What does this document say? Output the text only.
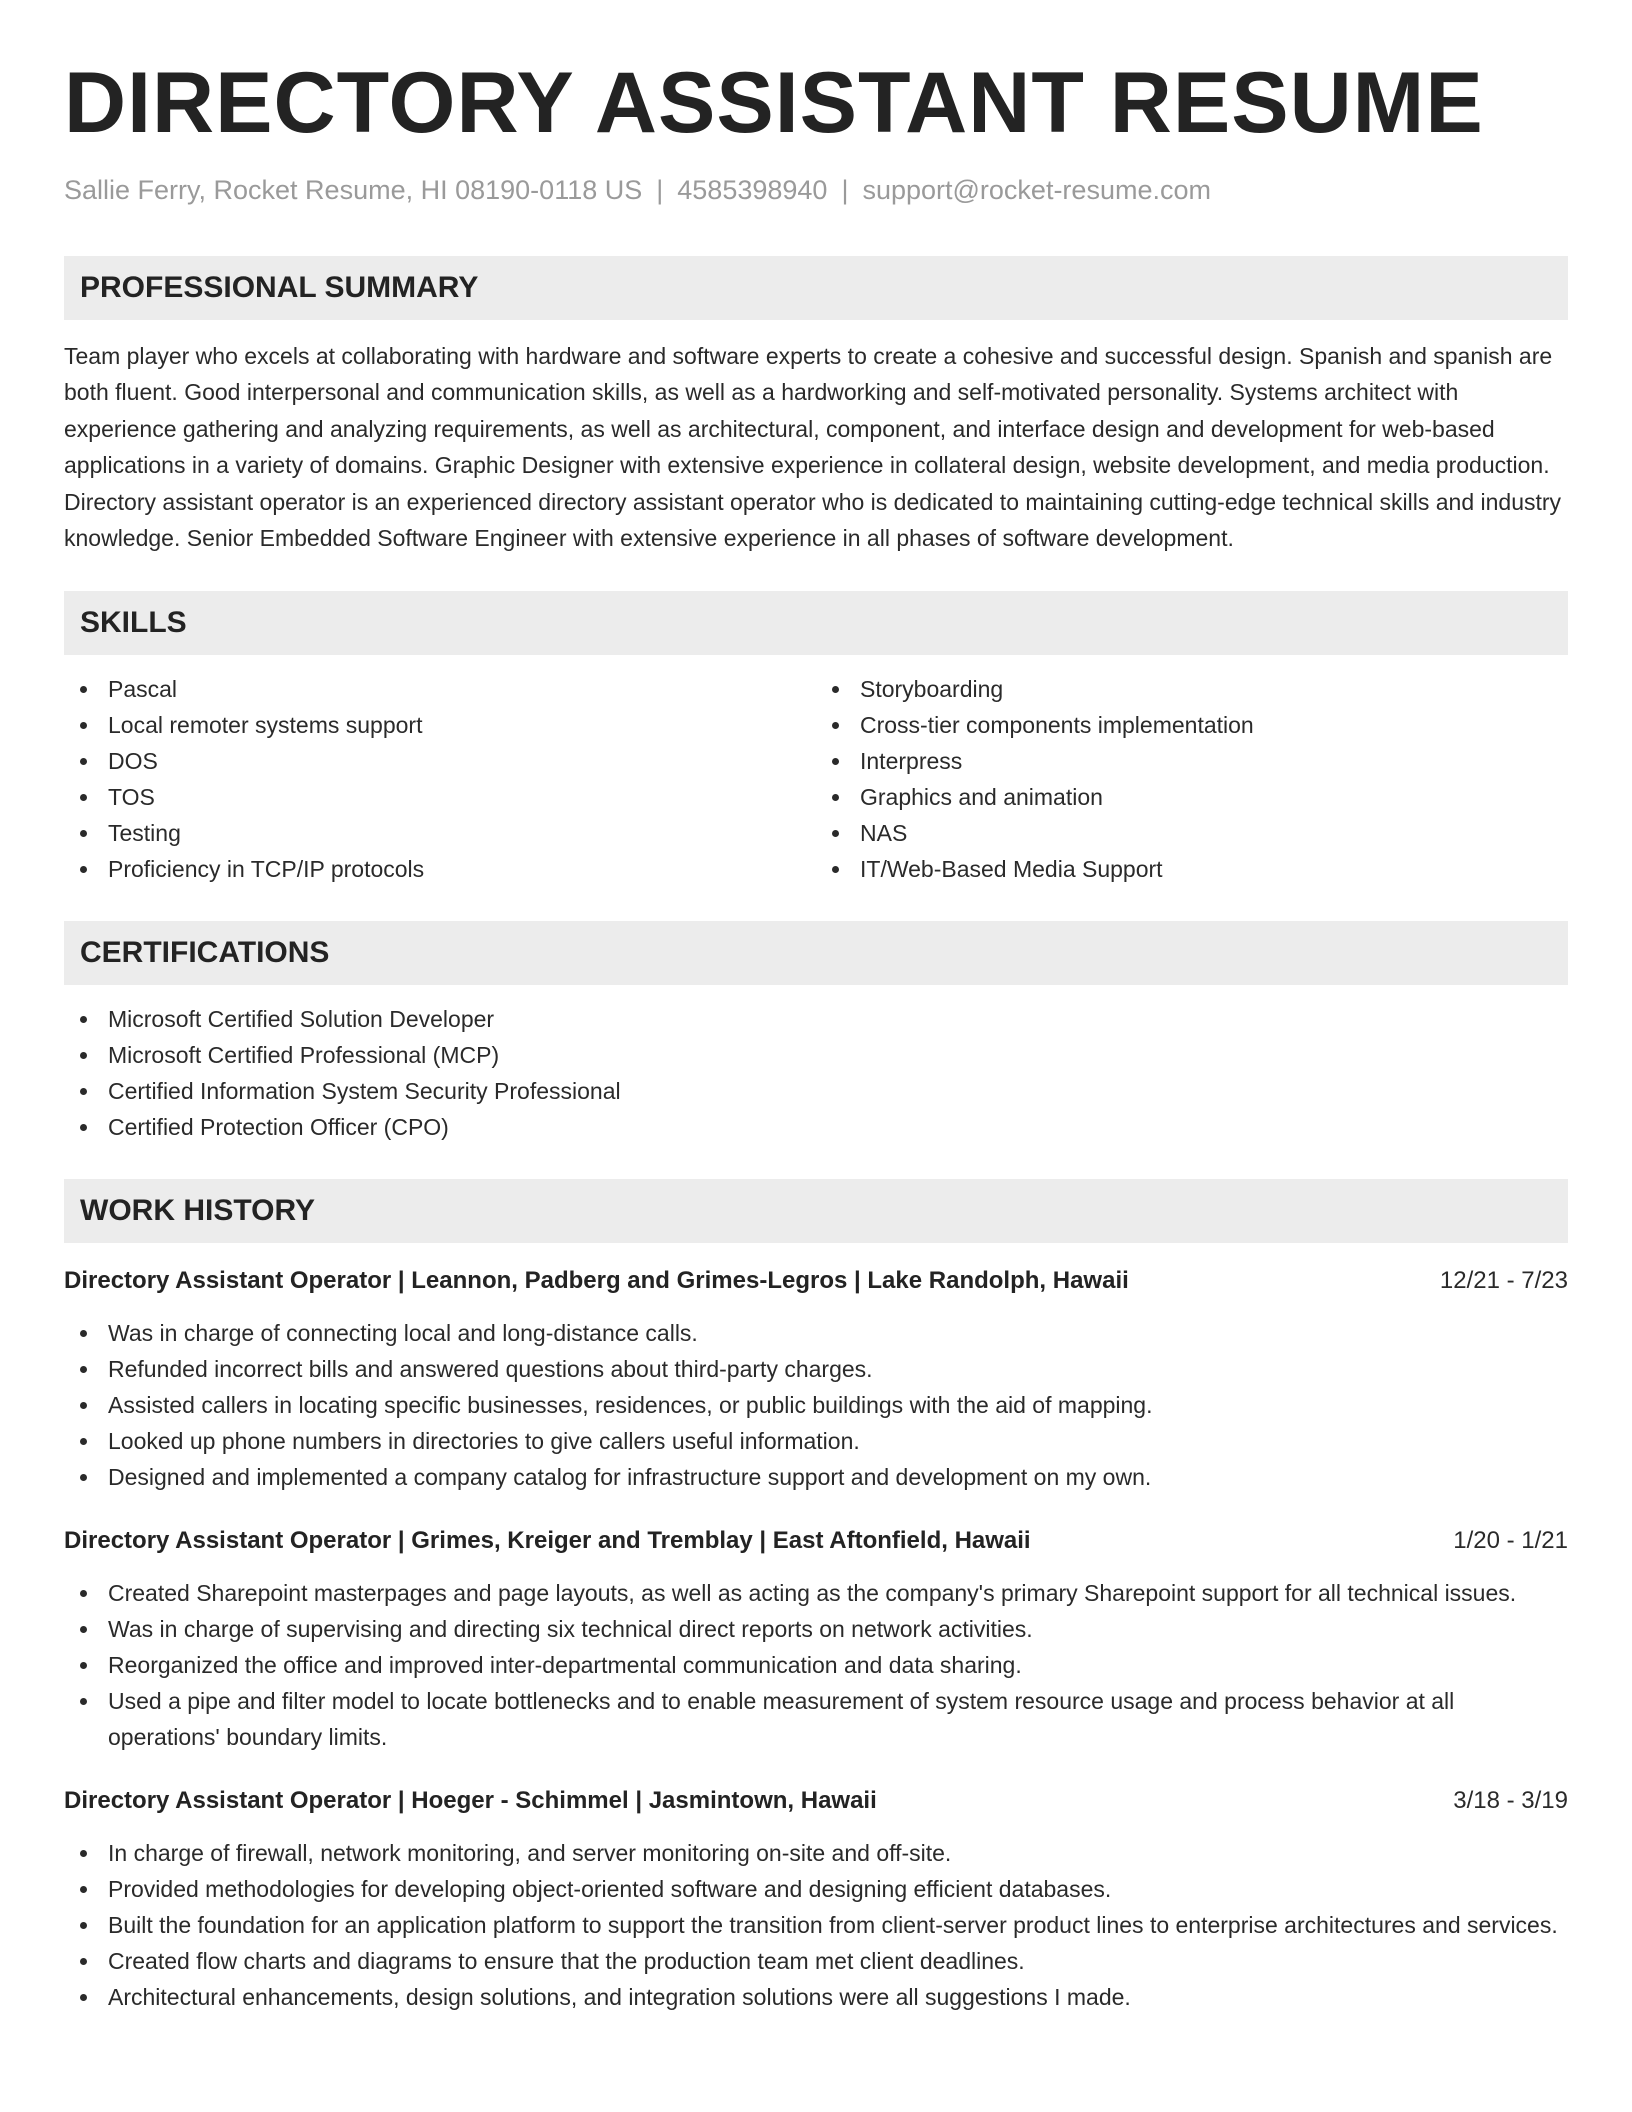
DIRECTORY ASSISTANT RESUME
Sallie Ferry, Rocket Resume, HI 08190-0118 US | 4585398940 | support@rocket-resume.com
PROFESSIONAL SUMMARY

Team player who excels at collaborating with hardware and software experts to create a cohesive and successful design. Spanish and spanish are both fluent. Good interpersonal and communication skills, as well as a hardworking and self-motivated personality. Systems architect with experience gathering and analyzing requirements, as well as architectural, component, and interface design and development for web-based applications in a variety of domains. Graphic Designer with extensive experience in collateral design, website development, and media production. Directory assistant operator is an experienced directory assistant operator who is dedicated to maintaining cutting-edge technical skills and industry knowledge. Senior Embedded Software Engineer with extensive experience in all phases of software development.

SKILLS
Pascal
Local remoter systems support
DOS
TOS
Testing
Proficiency in TCP/IP protocols
Storyboarding
Cross-tier components implementation
Interpress
Graphics and animation
NAS
IT/Web-Based Media Support
CERTIFICATIONS
Microsoft Certified Solution Developer
Microsoft Certified Professional (MCP)
Certified Information System Security Professional
Certified Protection Officer (CPO)
WORK HISTORY
Directory Assistant Operator | Leannon, Padberg and Grimes-Legros | Lake Randolph, Hawaii	12/21 - 7/23
Was in charge of connecting local and long-distance calls.
Refunded incorrect bills and answered questions about third-party charges.
Assisted callers in locating specific businesses, residences, or public buildings with the aid of mapping.
Looked up phone numbers in directories to give callers useful information.
Designed and implemented a company catalog for infrastructure support and development on my own.
Directory Assistant Operator | Grimes, Kreiger and Tremblay | East Aftonfield, Hawaii	1/20 - 1/21
Created Sharepoint masterpages and page layouts, as well as acting as the company's primary Sharepoint support for all technical issues.
Was in charge of supervising and directing six technical direct reports on network activities.
Reorganized the office and improved inter-departmental communication and data sharing.
Used a pipe and filter model to locate bottlenecks and to enable measurement of system resource usage and process behavior at all operations' boundary limits.
Directory Assistant Operator | Hoeger - Schimmel | Jasmintown, Hawaii	3/18 - 3/19
In charge of firewall, network monitoring, and server monitoring on-site and off-site.
Provided methodologies for developing object-oriented software and designing efficient databases.
Built the foundation for an application platform to support the transition from client-server product lines to enterprise architectures and services.
Created flow charts and diagrams to ensure that the production team met client deadlines.
Architectural enhancements, design solutions, and integration solutions were all suggestions I made.
